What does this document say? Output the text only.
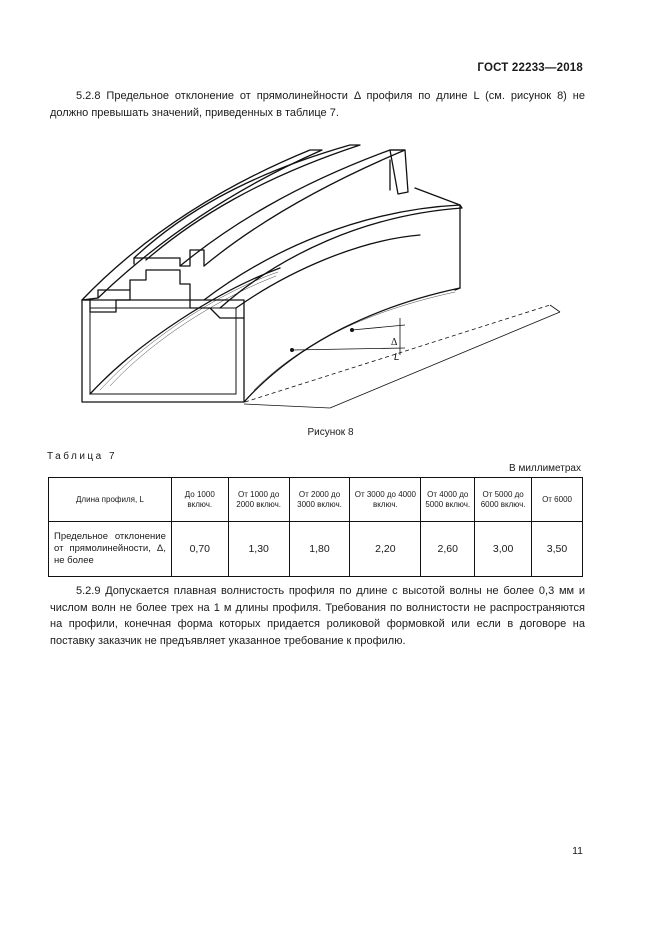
ГОСТ 22233—2018

5.2.8 Предельное отклонение от прямолинейности Δ профиля по длине L (см. рисунок 8) не должно превышать значений, приведенных в таблице 7.

Δ
L
Рисунок 8
Таблица 7
В миллиметрах
Длина профиля, L	До 1000 включ.	От 1000 до 2000 включ.	От 2000 до 3000 включ.	От 3000 до 4000 включ.	От 4000 до 5000 включ.	От 5000 до 6000 включ.	От 6000
Предельное отклонение от прямолинейности, Δ, не более	0,70	1,30	1,80	2,20	2,60	3,00	3,50

5.2.9 Допускается плавная волнистость профиля по длине с высотой волны не более 0,3 мм и числом волн не более трех на 1 м длины профиля. Требования по волнистости не распространяются на профили, конечная форма которых придается роликовой формовкой или если в договоре на поставку заказчик не предъявляет указанное требование к профилю.

11
